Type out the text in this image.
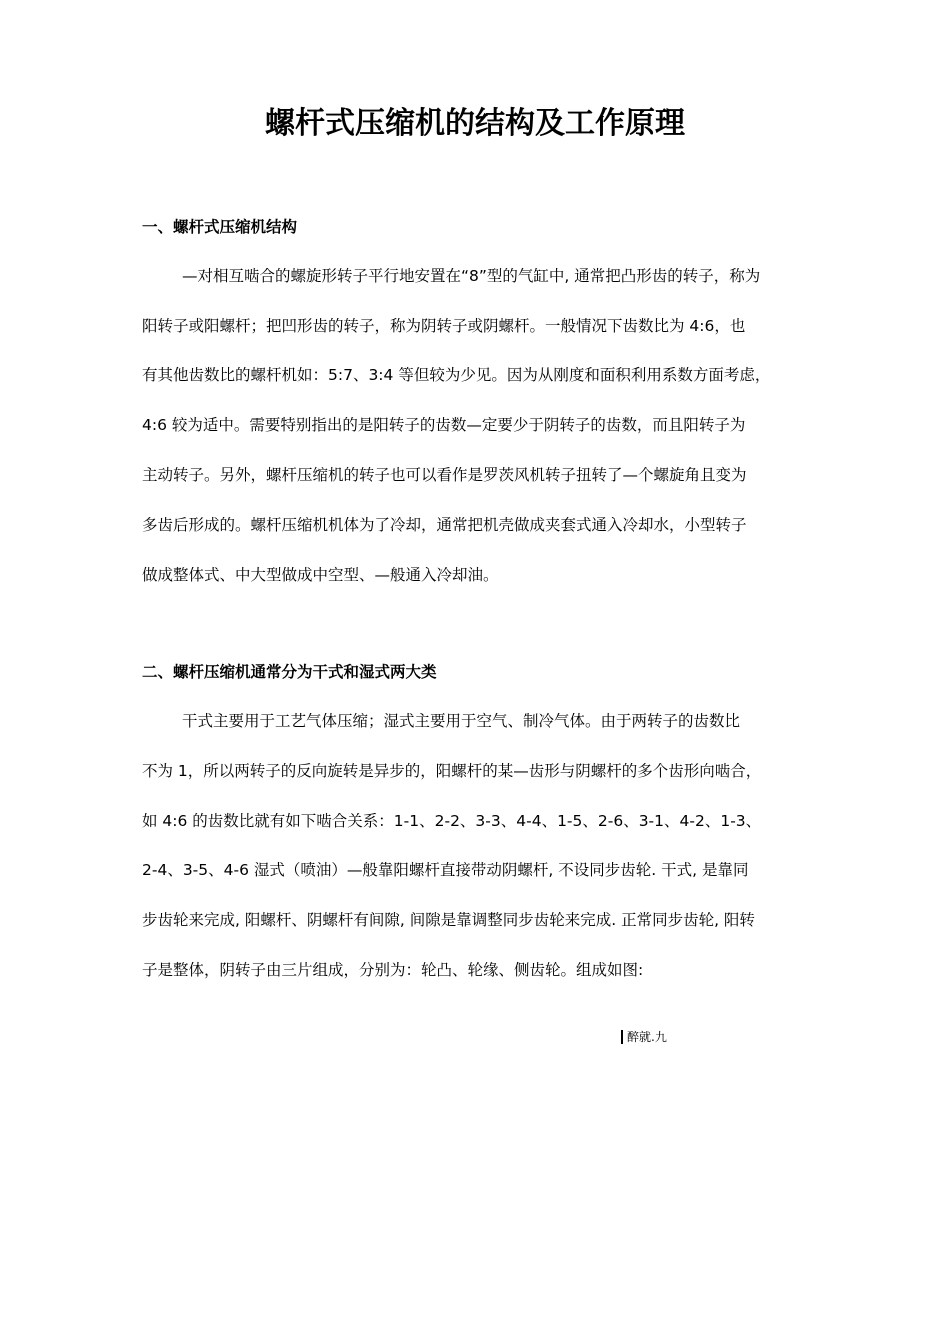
螺杆式压缩机的结构及工作原理
一、螺杆式压缩机结构
—对相互啮合的螺旋形转子平行地安置在“8”型的气缸中, 通常把凸形齿的转子，称为
阳转子或阳螺杆；把凹形齿的转子，称为阴转子或阴螺杆。一般情况下齿数比为 4:6，也
有其他齿数比的螺杆机如：5:7、3:4 等但较为少见。因为从刚度和面积利用系数方面考虑，
4:6 较为适中。需要特别指出的是阳转子的齿数—定要少于阴转子的齿数，而且阳转子为
主动转子。另外，螺杆压缩机的转子也可以看作是罗茨风机转子扭转了—个螺旋角且变为
多齿后形成的。螺杆压缩机机体为了冷却，通常把机壳做成夹套式通入冷却水，小型转子
做成整体式、中大型做成中空型、—般通入冷却油。
二、螺杆压缩机通常分为干式和湿式两大类
干式主要用于工艺气体压缩；湿式主要用于空气、制冷气体。由于两转子的齿数比
不为 1，所以两转子的反向旋转是异步的，阳螺杆的某—齿形与阴螺杆的多个齿形向啮合，
如 4:6 的齿数比就有如下啮合关系：1-1、2-2、3-3、4-4、1-5、2-6、3-1、4-2、1-3、
2-4、3-5、4-6 湿式（喷油）—般靠阳螺杆直接带动阴螺杆, 不设同步齿轮. 干式, 是靠同
步齿轮来完成, 阳螺杆、阴螺杆有间隙, 间隙是靠调整同步齿轮来完成. 正常同步齿轮, 阳转
子是整体，阴转子由三片组成，分别为：轮凸、轮缘、侧齿轮。组成如图:
醉就.九
